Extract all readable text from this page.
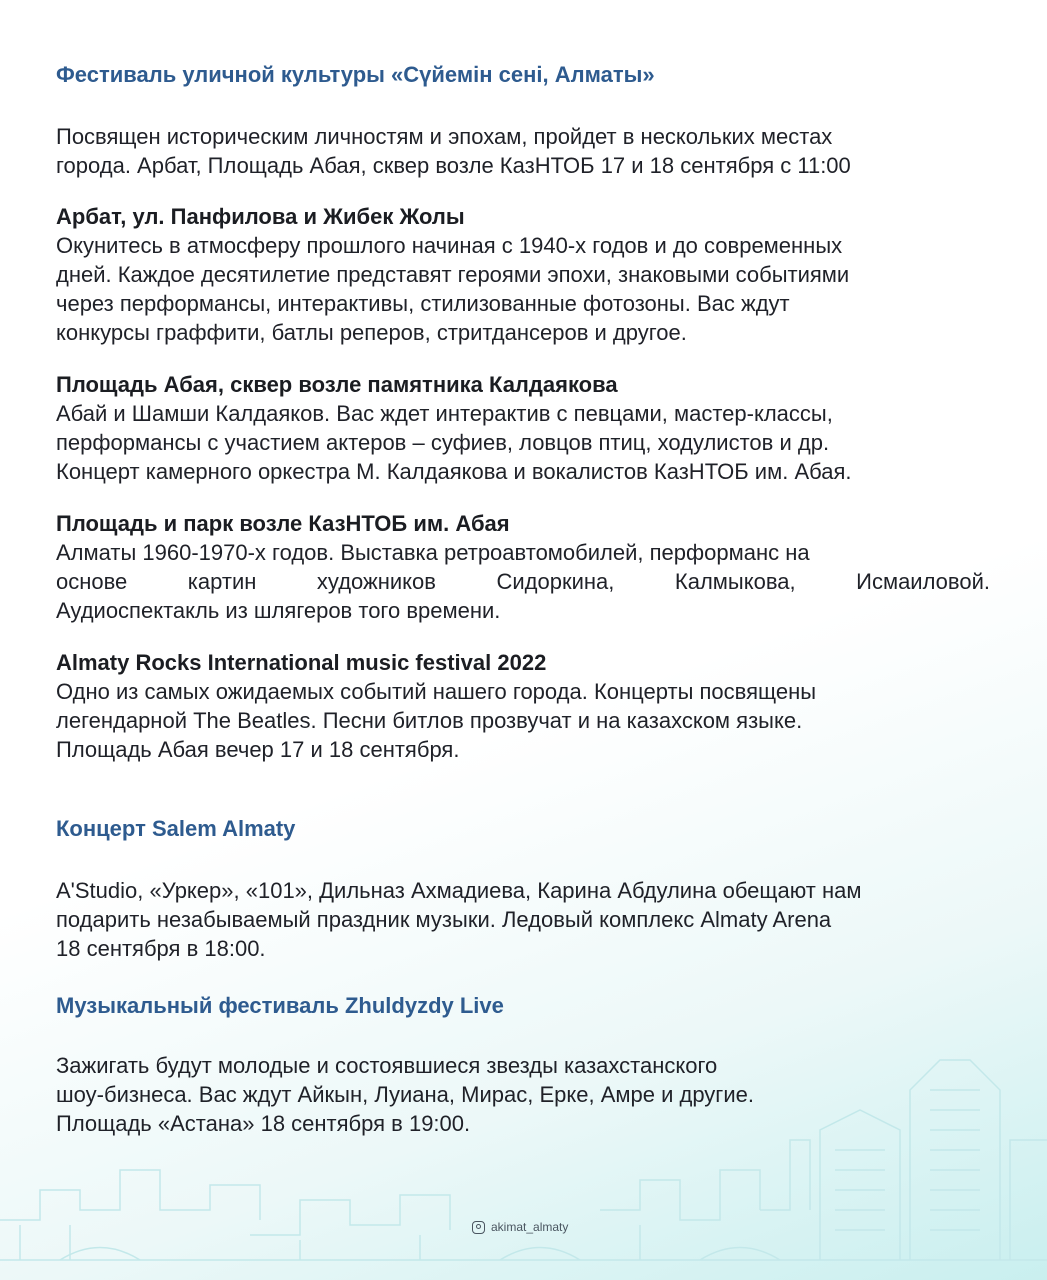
Фестиваль уличной культуры «Сүйемін сені, Алматы»

Посвящен историческим личностям и эпохам, пройдет в нескольких местах

города. Арбат, Площадь Абая, сквер возле КазНТОБ 17 и 18 сентября с 11:00

Арбат, ул. Панфилова и Жибек Жолы

Окунитесь в атмосферу прошлого начиная с 1940-х годов и до современных

дней. Каждое десятилетие представят героями эпохи, знаковыми событиями

через перформансы, интерактивы, стилизованные фотозоны. Вас ждут

конкурсы граффити, батлы реперов, стритдансеров и другое.

Площадь Абая, сквер возле памятника Калдаякова

Абай и Шамши Калдаяков. Вас ждет интерактив с певцами, мастер-классы,

перформансы с участием актеров – суфиев, ловцов птиц, ходулистов и др.

Концерт камерного оркестра М. Калдаякова и вокалистов КазНТОБ им. Абая.

Площадь и парк возле КазНТОБ им. Абая

Алматы 1960-1970-х годов. Выставка ретроавтомобилей, перформанс на

основе картин художников Сидоркина, Калмыкова, Исмаиловой.

Аудиоспектакль из шлягеров того времени.

Almaty Rocks International music festival 2022

Одно из самых ожидаемых событий нашего города. Концерты посвящены

легендарной The Beatles. Песни битлов прозвучат и на казахском языке.

Площадь Абая вечер 17 и 18 сентября.

Концерт Salem Almaty

A'Studio, «Уркер», «101», Дильназ Ахмадиева, Карина Абдулина обещают нам

подарить незабываемый праздник музыки. Ледовый комплекс Almaty Arena

18 сентября в 18:00.

Музыкальный фестиваль Zhuldyzdy Live

Зажигать будут молодые и состоявшиеся звезды казахстанского

шоу-бизнеса. Вас ждут Айкын, Луиана, Мирас, Ерке, Амре и другие.

Площадь «Астана» 18 сентября в 19:00.

akimat_almaty
